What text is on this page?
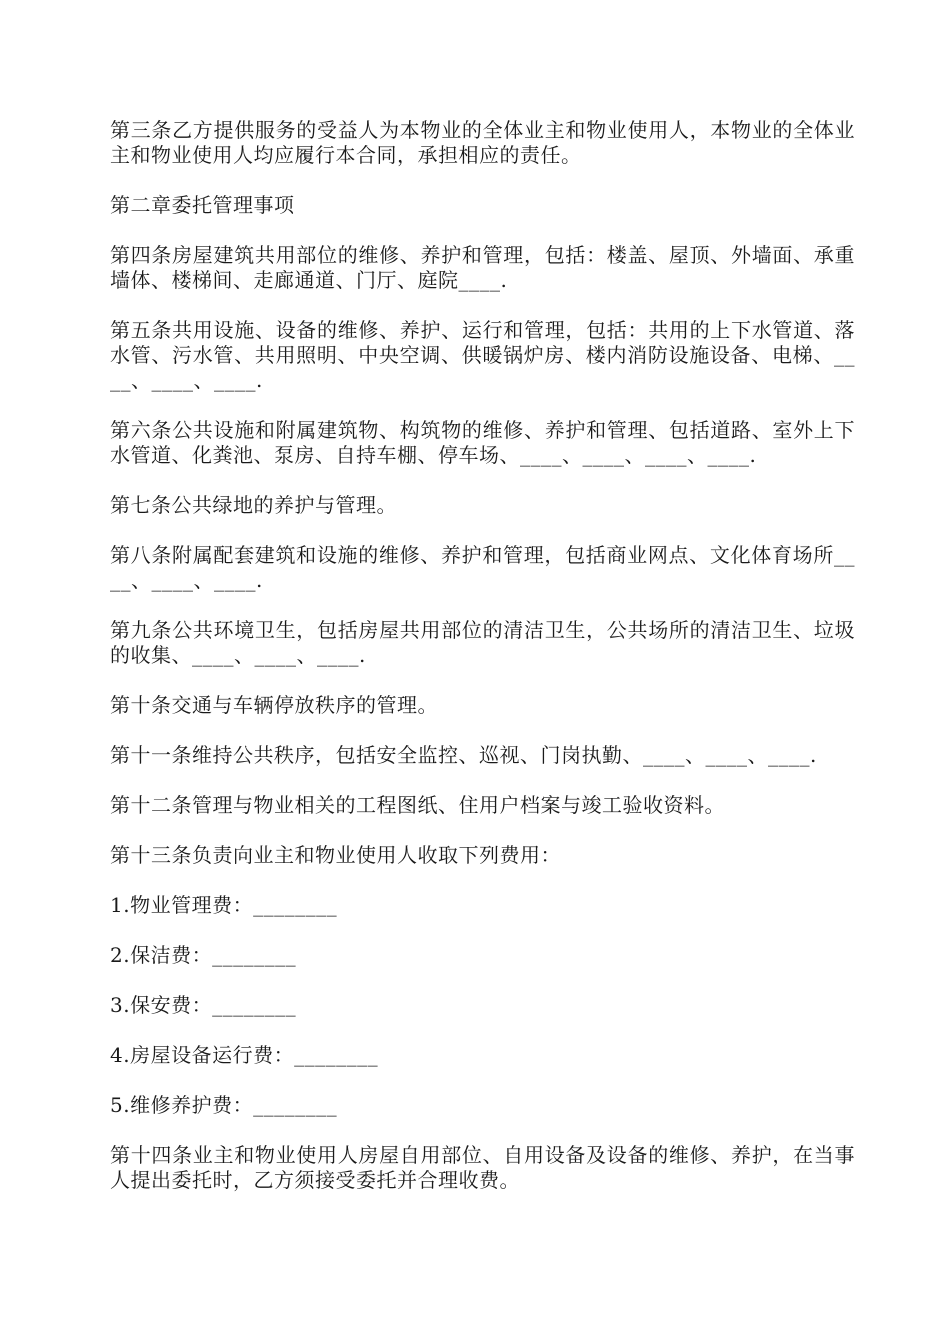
第三条乙方提供服务的受益人为本物业的全体业主和物业使用人，本物业的全体业主和物业使用人均应履行本合同，承担相应的责任。

第二章委托管理事项

第四条房屋建筑共用部位的维修、养护和管理，包括：楼盖、屋顶、外墙面、承重墙体、楼梯间、走廊通道、门厅、庭院____.

第五条共用设施、设备的维修、养护、运行和管理，包括：共用的上下水管道、落水管、污水管、共用照明、中央空调、供暖锅炉房、楼内消防设施设备、电梯、____、____、____.

第六条公共设施和附属建筑物、构筑物的维修、养护和管理、包括道路、室外上下水管道、化粪池、泵房、自持车棚、停车场、____、____、____、____.

第七条公共绿地的养护与管理。

第八条附属配套建筑和设施的维修、养护和管理，包括商业网点、文化体育场所____、____、____.

第九条公共环境卫生，包括房屋共用部位的清洁卫生，公共场所的清洁卫生、垃圾的收集、____、____、____.

第十条交通与车辆停放秩序的管理。

第十一条维持公共秩序，包括安全监控、巡视、门岗执勤、____、____、____.

第十二条管理与物业相关的工程图纸、住用户档案与竣工验收资料。

第十三条负责向业主和物业使用人收取下列费用：

1.物业管理费：________

2.保洁费：________

3.保安费：________

4.房屋设备运行费：________

5.维修养护费：________

第十四条业主和物业使用人房屋自用部位、自用设备及设备的维修、养护，在当事人提出委托时，乙方须接受委托并合理收费。
